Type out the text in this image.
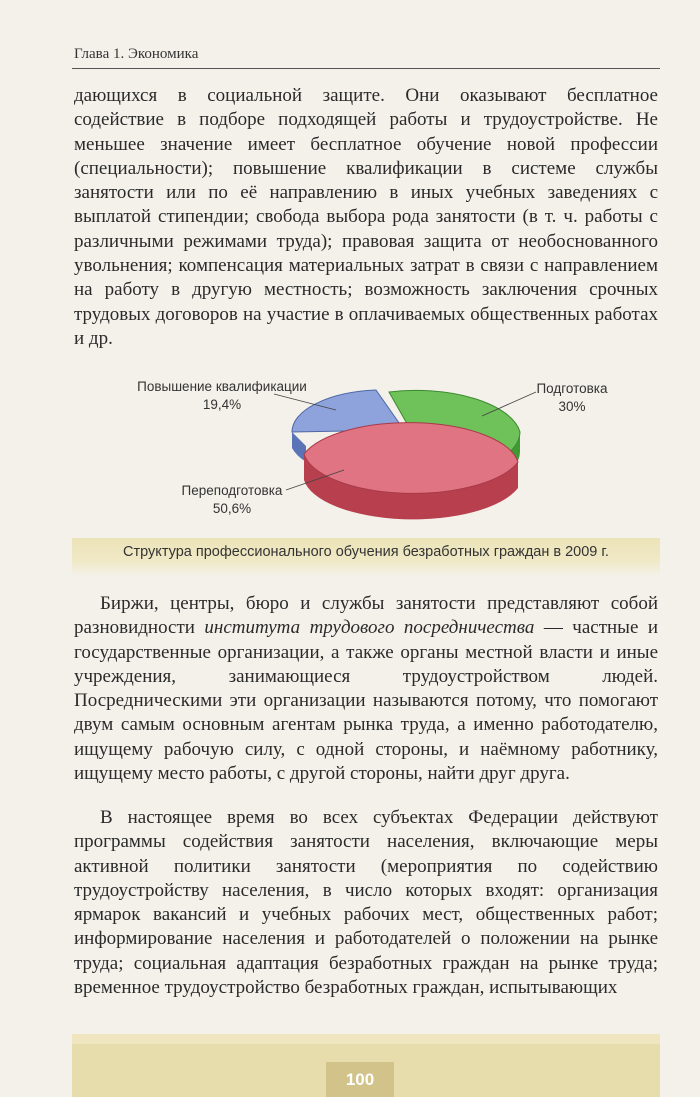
Глава 1. Экономика

дающихся в социальной защите. Они оказывают бесплатное содействие в подборе подходящей работы и трудоустройстве. Не меньшее значение имеет бесплатное обучение новой профессии (специальности); повышение квалификации в системе службы занятости или по её направлению в иных учебных заведениях с выплатой стипендии; свобода выбора рода занятости (в т. ч. работы с различными режимами труда); правовая защита от необоснованного увольнения; компенсация материальных затрат в связи с направлением на работу в другую местность; возможность заключения срочных трудовых договоров на участие в оплачиваемых общественных работах и др.

Повышение квалификации
19,4%
Подготовка
30%
Переподготовка
50,6%
Структура профессионального обучения безработных граждан в 2009 г.

Биржи, центры, бюро и службы занятости представляют собой разновидности института трудового посредничества — частные и государственные организации, а также органы местной власти и иные учреждения, занимающиеся трудоустройством людей. Посредническими эти организации называются потому, что помогают двум самым основным агентам рынка труда, а именно работодателю, ищущему рабочую силу, с одной стороны, и наёмному работнику, ищущему место работы, с другой стороны, найти друг друга.

В настоящее время во всех субъектах Федерации действуют программы содействия занятости населения, включающие меры активной политики занятости (мероприятия по содействию трудоустройству населения, в число которых входят: организация ярмарок вакансий и учебных рабочих мест, общественных работ; информирование населения и работодателей о положении на рынке труда; социальная адаптация безработных граждан на рынке труда; временное трудоустройство безработных граждан, испытывающих

100
